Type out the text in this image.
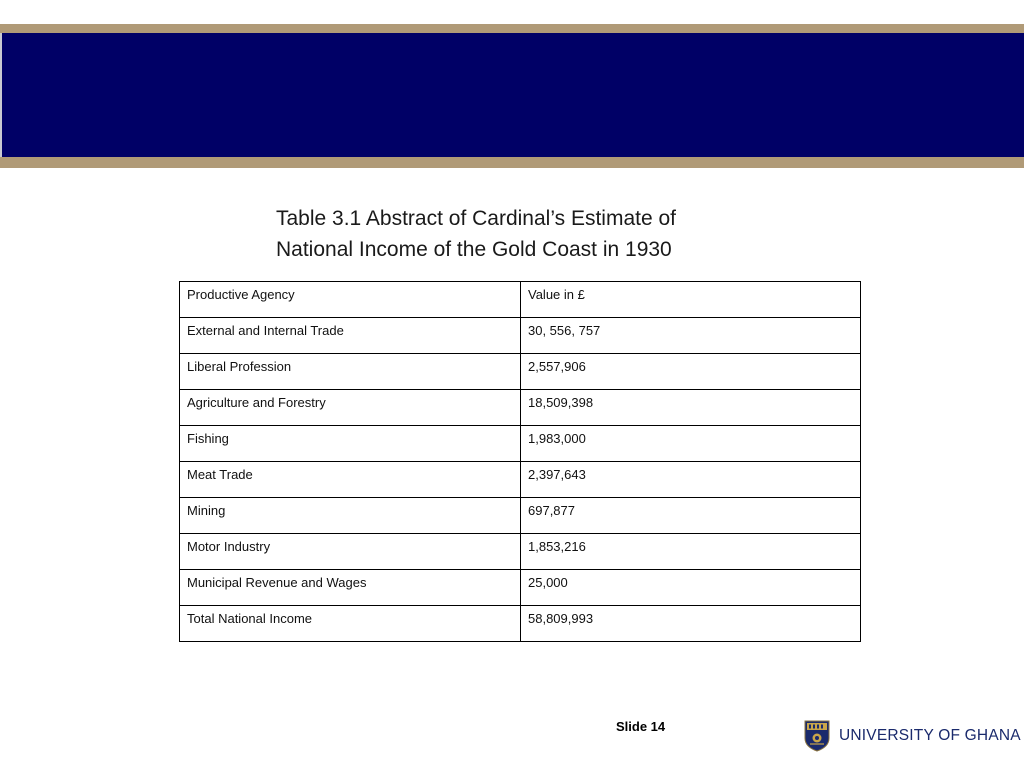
Table 3.1 Abstract of Cardinal’s Estimate of
National Income of the Gold Coast in 1930
Productive Agency	Value in £
External and Internal Trade	30, 556, 757
Liberal Profession	2,557,906
Agriculture and Forestry	18,509,398
Fishing	1,983,000
Meat Trade	2,397,643
Mining	697,877
Motor Industry	1,853,216
Municipal Revenue and Wages	25,000
Total National Income	58,809,993
Slide 14
UNIVERSITY OF GHANA
